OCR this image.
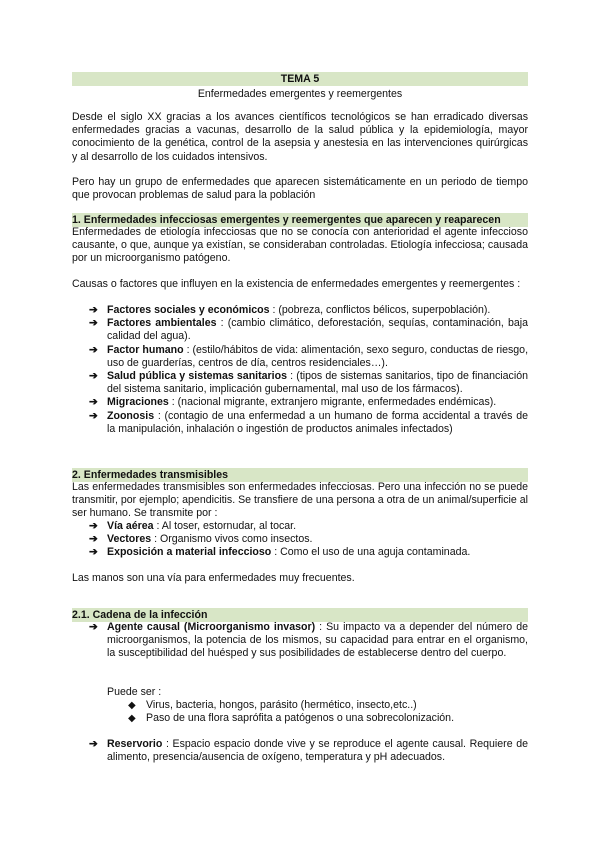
TEMA 5
Enfermedades emergentes y reemergentes
Desde el siglo XX gracias a los avances científicos tecnológicos se han erradicado diversas enfermedades gracias a vacunas, desarrollo de la salud pública y la epidemiología, mayor conocimiento de la genética, control de la asepsia y anestesia en las intervenciones quirúrgicas y al desarrollo de los cuidados intensivos.
Pero hay un grupo de enfermedades que aparecen sistemáticamente en un periodo de tiempo que provocan problemas de salud para la población
1. Enfermedades infecciosas emergentes y reemergentes que aparecen y reaparecen
Enfermedades de etiología infecciosas que no se conocía con anterioridad el agente infeccioso causante, o que, aunque ya existían, se consideraban controladas. Etiología infecciosa; causada por un microorganismo patógeno.
Causas o factores que influyen en la existencia de enfermedades emergentes y reemergentes :
➔ Factores sociales y económicos : (pobreza, conflictos bélicos, superpoblación).
➔ Factores ambientales : (cambio climático, deforestación, sequías, contaminación, baja calidad del agua).
➔ Factor humano : (estilo/hábitos de vida: alimentación, sexo seguro, conductas de riesgo, uso de guarderías, centros de día, centros residenciales…).
➔ Salud pública y sistemas sanitarios : (tipos de sistemas sanitarios, tipo de financiación del sistema sanitario, implicación gubernamental, mal uso de los fármacos).
➔ Migraciones : (nacional migrante, extranjero migrante, enfermedades endémicas).
➔ Zoonosis : (contagio de una enfermedad a un humano de forma accidental a través de la manipulación, inhalación o ingestión de productos animales infectados)
2. Enfermedades transmisibles
Las enfermedades transmisibles son enfermedades infecciosas. Pero una infección no se puede transmitir, por ejemplo; apendicitis. Se transfiere de una persona a otra de un animal/superficie al ser humano. Se transmite por :
➔ Vía aérea : Al toser, estornudar, al tocar.
➔ Vectores : Organismo vivos como insectos.
➔ Exposición a material infeccioso : Como el uso de una aguja contaminada.
Las manos son una vía para enfermedades muy frecuentes.
2.1. Cadena de la infección
➔ Agente causal (Microorganismo invasor) : Su impacto va a depender del número de microorganismos, la potencia de los mismos, su capacidad para entrar en el organismo, la susceptibilidad del huésped y sus posibilidades de establecerse dentro del cuerpo.
Puede ser :
◆ Virus, bacteria, hongos, parásito (hermético, insecto,etc..)
◆ Paso de una flora saprófita a patógenos o una sobrecolonización.
➔ Reservorio : Espacio espacio donde vive y se reproduce el agente causal. Requiere de alimento, presencia/ausencia de oxígeno, temperatura y pH adecuados.
